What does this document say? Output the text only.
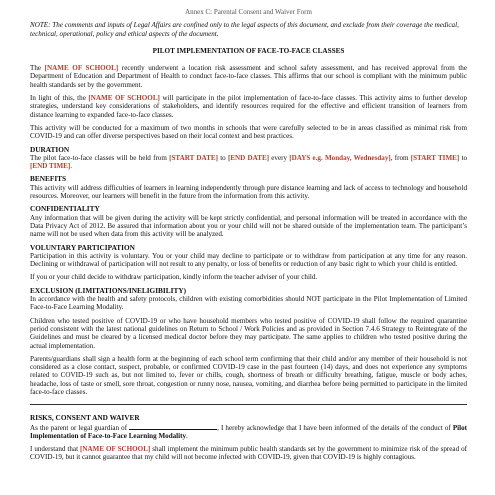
Annex C: Parental Consent and Waiver Form
NOTE: The comments and inputs of Legal Affairs are confined only to the legal aspects of this document, and exclude from their coverage the medical, technical, operational, policy and ethical aspects of the document.
PILOT IMPLEMENTATION OF FACE-TO-FACE CLASSES

The [NAME OF SCHOOL] recently underwent a location risk assessment and school safety assessment, and has received approval from the Department of Education and Department of Health to conduct face-to-face classes. This affirms that our school is compliant with the minimum public health standards set by the government.

In light of this, the [NAME OF SCHOOL] will participate in the pilot implementation of face-to-face classes. This activity aims to further develop strategies, understand key considerations of stakeholders, and identify resources required for the effective and efficient transition of learners from distance learning to expanded face-to-face classes.

This activity will be conducted for a maximum of two months in schools that were carefully selected to be in areas classified as minimal risk from COVID-19 and can offer diverse perspectives based on their local context and best practices.

DURATION

The pilot face-to-face classes will be held from [START DATE] to [END DATE] every [DAYS e.g. Monday, Wednesday], from [START TIME] to [END TIME].

BENEFITS

This activity will address difficulties of learners in learning independently through pure distance learning and lack of access to technology and household resources. Moreover, our learners will benefit in the future from the information from this activity.

CONFIDENTIALITY

Any information that will be given during the activity will be kept strictly confidential, and personal information will be treated in accordance with the Data Privacy Act of 2012. Be assured that information about you or your child will not be shared outside of the implementation team. The participant’s name will not be used when data from this activity will be analyzed.

VOLUNTARY PARTICIPATION

Participation in this activity is voluntary. You or your child may decline to participate or to withdraw from participation at any time for any reason. Declining or withdrawal of participation will not result to any penalty, or loss of benefits or reduction of any basic right to which your child is entitled.

If you or your child decide to withdraw participation, kindly inform the teacher adviser of your child.

EXCLUSION (LIMITATIONS/INELIGIBILITY)

In accordance with the health and safety protocols, children with existing comorbidities should NOT participate in the Pilot Implementation of Limited Face-to-Face Learning Modality.

Children who tested positive of COVID-19 or who have household members who tested positive of COVID-19 shall follow the required quarantine period consistent with the latest national guidelines on Return to School / Work Policies and as provided in Section 7.4.6 Strategy to Reintegrate of the Guidelines and must be cleared by a licensed medical doctor before they may participate. The same applies to children who tested positive during the actual implementation.

Parents/guardians shall sign a health form at the beginning of each school term confirming that their child and/or any member of their household is not considered as a close contact, suspect, probable, or confirmed COVID-19 case in the past fourteen (14) days, and does not experience any symptoms related to COVID-19 such as, but not limited to, fever or chills, cough, shortness of breath or difficulty breathing, fatigue, muscle or body aches, headache, loss of taste or smell, sore throat, congestion or runny nose, nausea, vomiting, and diarrhea before being permitted to participate in the limited face-to-face classes.

RISKS, CONSENT AND WAIVER

As the parent or legal guardian of	, I hereby acknowledge that I have been informed of the details of the conduct of Pilot Implementation of Face-to-Face Learning Modality.

I understand that [NAME OF SCHOOL] shall implement the minimum public health standards set by the government to minimize risk of the spread of COVID-19, but it cannot guarantee that my child will not become infected with COVID-19, given that COVID-19 is highly contagious.
